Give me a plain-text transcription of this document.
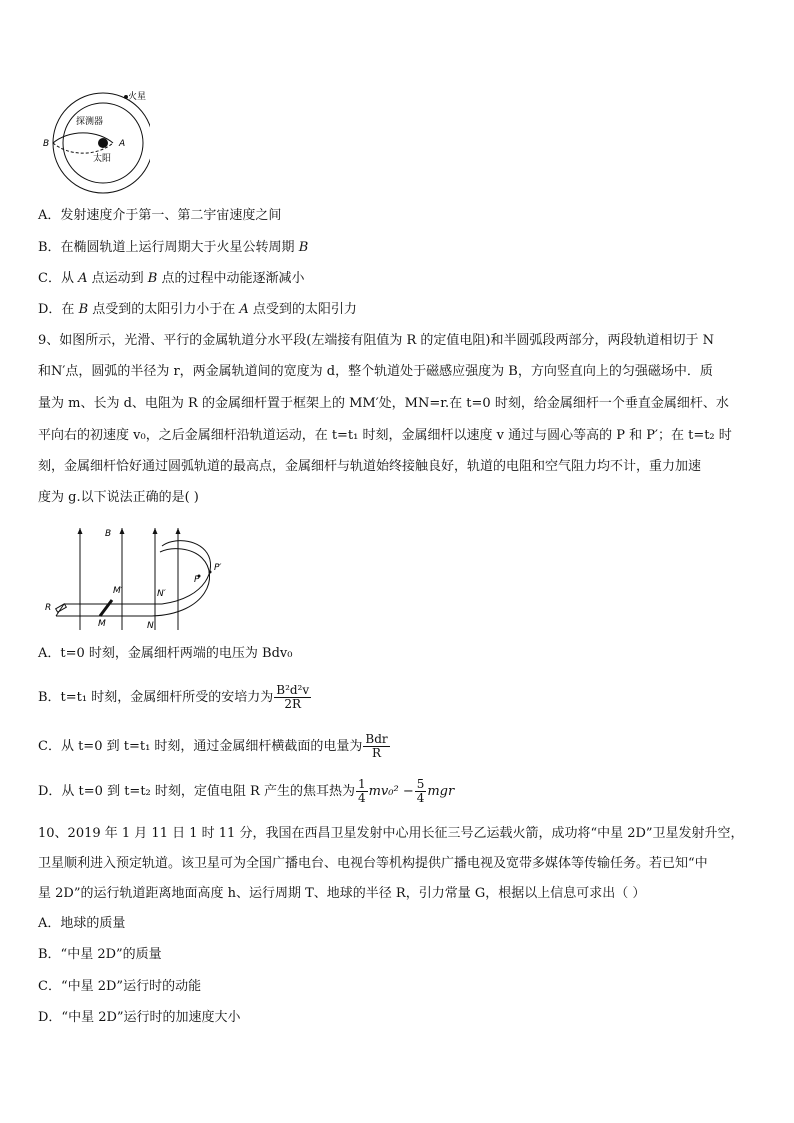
火星
探测器
太阳
B	A
A．发射速度介于第一、第二宇宙速度之间
B．在椭圆轨道上运行周期大于火星公转周期 B
C．从 A 点运动到 B 点的过程中动能逐渐减小
D．在 B 点受到的太阳引力小于在 A 点受到的太阳引力
9、如图所示，光滑、平行的金属轨道分水平段(左端接有阻值为 R 的定值电阻)和半圆弧段两部分，两段轨道相切于 N
和N′点，圆弧的半径为 r，两金属轨道间的宽度为 d，整个轨道处于磁感应强度为 B，方向竖直向上的匀强磁场中．质
量为 m、长为 d、电阻为 R 的金属细杆置于框架上的 MM′处，MN=r.在 t=0 时刻，给金属细杆一个垂直金属细杆、水
平向右的初速度 v₀，之后金属细杆沿轨道运动，在 t=t₁ 时刻，金属细杆以速度 v 通过与圆心等高的 P 和 P′；在 t=t₂ 时
刻，金属细杆恰好通过圆弧轨道的最高点，金属细杆与轨道始终接触良好，轨道的电阻和空气阻力均不计，重力加速
度为 g.以下说法正确的是( )
B
R
M
M′
N
N′
P
P′
A．t=0 时刻，金属细杆两端的电压为 Bdv₀
B．t=t₁ 时刻，金属细杆所受的安培力为 $\frac{\text{B²d²v}}{2R}$
C．从 t=0 到 t=t₁ 时刻，通过金属细杆横截面的电量为 $\frac{\text{Bdr}}{R}$
D．从 t=0 到 t=t₂ 时刻，定值电阻 R 产生的焦耳热为 $\frac{1}{4} mv_0^2 - \frac{5}{4}$ mgr
10、2019 年 1 月 11 日 1 时 11 分，我国在西昌卫星发射中心用长征三号乙运载火箭，成功将“中星 2D”卫星发射升空，
卫星顺利进入预定轨道。该卫星可为全国广播电台、电视台等机构提供广播电视及宽带多媒体等传输任务。若已知“中
星 2D”的运行轨道距离地面高度 h、运行周期 T、地球的半径 R，引力常量 G，根据以上信息可求出（ ）
A．地球的质量
B．“中星 2D”的质量
C．“中星 2D”运行时的动能
D．“中星 2D”运行时的加速度大小
